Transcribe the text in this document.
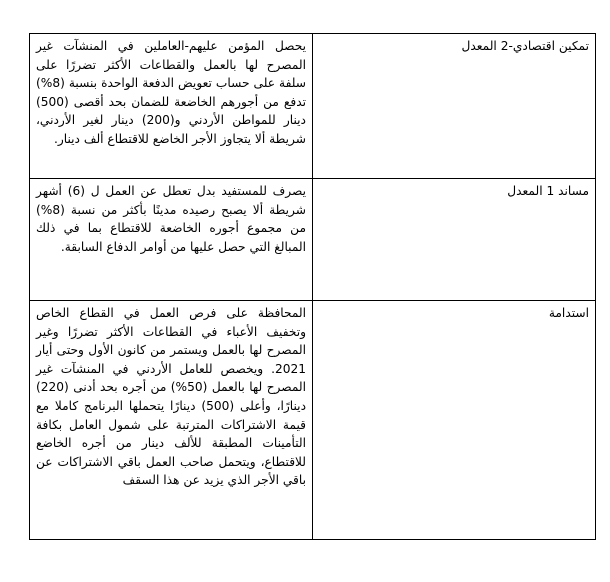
تمكين اقتصادي-2 المعدل	يحصل المؤمن عليهم-العاملين في المنشآت غير المصرح لها بالعمل والقطاعات الأكثر تضررًا على سلفة على حساب تعويض الدفعة الواحدة بنسبة (8%) تدفع من أجورهم الخاضعة للضمان بحد أقصى (500) دينار للمواطن الأردني و(200) دينار لغير الأردني، شريطة ألا يتجاوز الأجر الخاضع للاقتطاع ألف دينار.
مساند 1 المعدل	يصرف للمستفيد بدل تعطل عن العمل ل (6) أشهر شريطة ألا يصبح رصيده مدينًا بأكثر من نسبة (8%) من مجموع أجوره الخاضعة للاقتطاع بما في ذلك المبالغ التي حصل عليها من أوامر الدفاع السابقة.
استدامة	المحافظة على فرص العمل في القطاع الخاص وتخفيف الأعباء في القطاعات الأكثر تضررًا وغير المصرح لها بالعمل ويستمر من كانون الأول وحتى أيار 2021. ويخصص للعامل الأردني في المنشآت غير المصرح لها بالعمل (50%) من أجره بحد أدنى (220) دينارًا، وأعلى (500) دينارًا يتحملها البرنامج كاملا مع قيمة الاشتراكات المترتبة على شمول العامل بكافة التأمينات المطبقة للألف دينار من أجره الخاضع للاقتطاع، ويتحمل صاحب العمل باقي الاشتراكات عن باقي الأجر الذي يزيد عن هذا السقف
